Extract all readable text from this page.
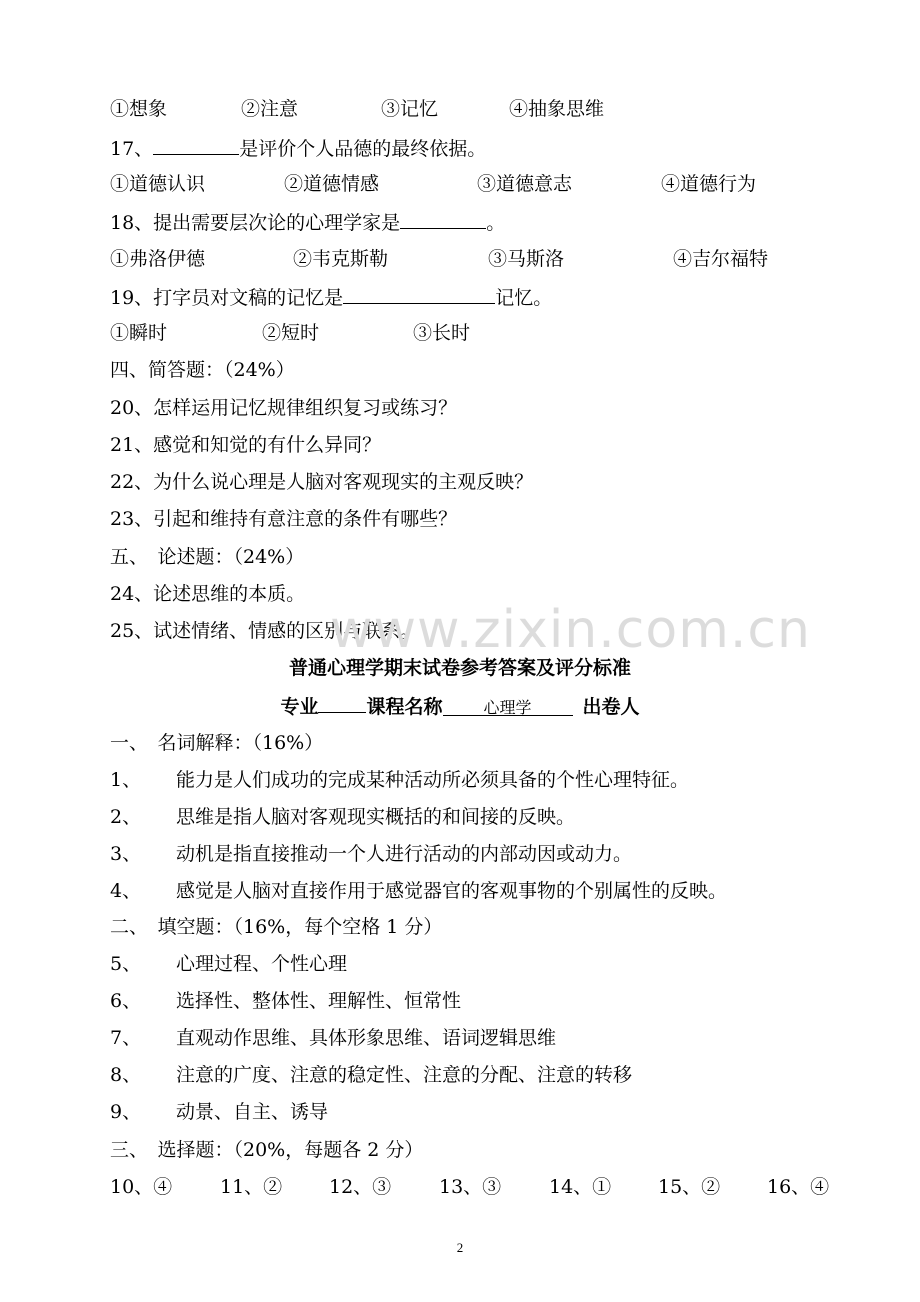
①想象	②注意	③记忆	④抽象思维
17、	是评价个人品德的最终依据。
①道德认识	②道德情感	③道德意志	④道德行为
18、提出需要层次论的心理学家是	。
①弗洛伊德	②韦克斯勒	③马斯洛	④吉尔福特
19、打字员对文稿的记忆是	记忆。
①瞬时	②短时	③长时
四、简答题：（24%）
20、怎样运用记忆规律组织复习或练习？
21、感觉和知觉的有什么异同？
22、为什么说心理是人脑对客观现实的主观反映？
23、引起和维持有意注意的条件有哪些？
五、　论述题：（24%）
24、论述思维的本质。
25、试述情绪、情感的区别与联系。
www.zixin.com.cn
普通心理学期末试卷参考答案及评分标准
专业	课程名称	心理学	出卷人
一、　名词解释：（16%）
1、 能力是人们成功的完成某种活动所必须具备的个性心理特征。
2、 思维是指人脑对客观现实概括的和间接的反映。
3、 动机是指直接推动一个人进行活动的内部动因或动力。
4、 感觉是人脑对直接作用于感觉器官的客观事物的个别属性的反映。
二、　填空题：（16%，每个空格 1 分）
5、 心理过程、个性心理
6、 选择性、整体性、理解性、恒常性
7、 直观动作思维、具体形象思维、语词逻辑思维
8、 注意的广度、注意的稳定性、注意的分配、注意的转移
9、 动景、自主、诱导
三、　选择题：（20%，每题各 2 分）
10、④	11、② 12、③	13、③	14、① 15、② 16、④
2
